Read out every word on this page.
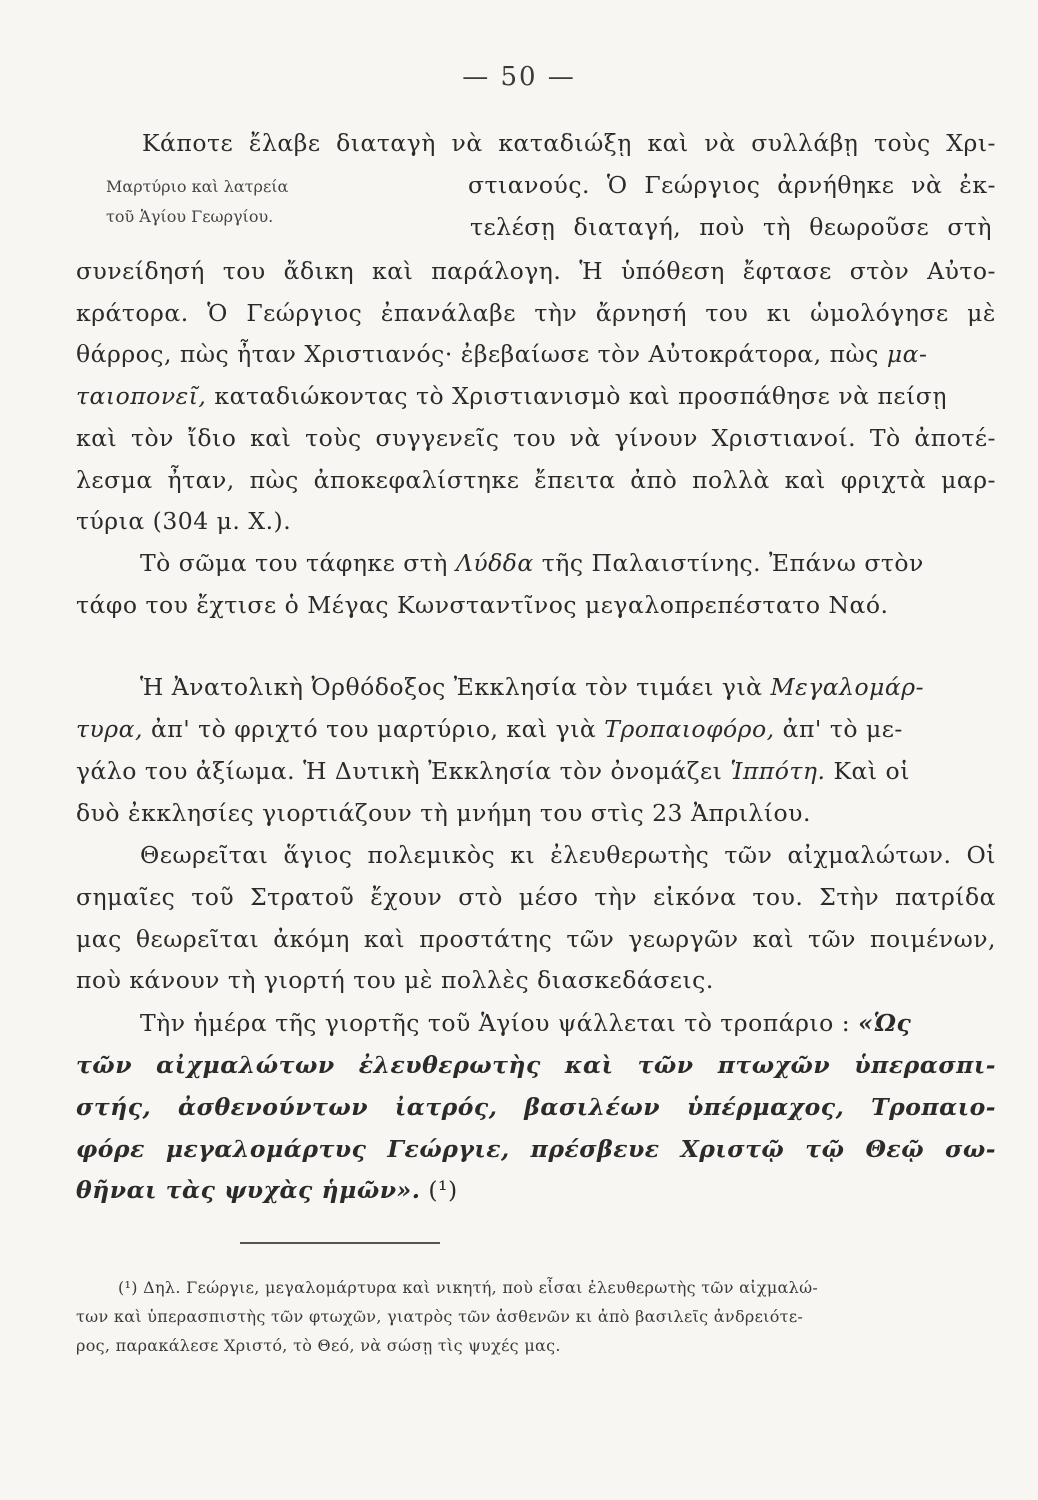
— 50 —
Κάποτε ἔλαβε διαταγὴ νὰ καταδιώξῃ καὶ νὰ συλλάβῃ τοὺς Χρι-
Μαρτύριο καὶ λατρεία
τοῦ Ἁγίου Γεωργίου.
στιανούς. Ὁ Γεώργιος ἀρνήθηκε νὰ ἐκ-
τελέσῃ διαταγή, ποὺ τὴ θεωροῦσε στὴ
συνείδησή του ἄδικη καὶ παράλογη. Ἡ ὑπόθεση ἔφτασε στὸν Αὐτο-
κράτορα. Ὁ Γεώργιος ἐπανάλαβε τὴν ἄρνησή του κι ὡμολόγησε μὲ
θάρρος, πὼς ἦταν Χριστιανός· ἐβεβαίωσε τὸν Αὐτοκράτορα, πὼς μα-
ταιοπονεῖ, καταδιώκοντας τὸ Χριστιανισμὸ καὶ προσπάθησε νὰ πείσῃ
καὶ τὸν ἴδιο καὶ τοὺς συγγενεῖς του νὰ γίνουν Χριστιανοί. Τὸ ἀποτέ-
λεσμα ἦταν, πὼς ἀποκεφαλίστηκε ἔπειτα ἀπὸ πολλὰ καὶ φριχτὰ μαρ-
τύρια (304 μ. Χ.).
Τὸ σῶμα του τάφηκε στὴ Λύδδα τῆς Παλαιστίνης. Ἐπάνω στὸν
τάφο του ἔχτισε ὁ Μέγας Κωνσταντῖνος μεγαλοπρεπέστατο Ναό.
Ἡ Ἀνατολικὴ Ὀρθόδοξος Ἐκκλησία τὸν τιμάει γιὰ Μεγαλομάρ-
τυρα, ἀπ' τὸ φριχτό του μαρτύριο, καὶ γιὰ Τροπαιοφόρο, ἀπ' τὸ με-
γάλο του ἀξίωμα. Ἡ Δυτικὴ Ἐκκλησία τὸν ὀνομάζει Ἱππότη. Καὶ οἱ
δυὸ ἐκκλησίες γιορτιάζουν τὴ μνήμη του στὶς 23 Ἀπριλίου.
Θεωρεῖται ἅγιος πολεμικὸς κι ἐλευθερωτὴς τῶν αἰχμαλώτων. Οἱ
σημαῖες τοῦ Στρατοῦ ἔχουν στὸ μέσο τὴν εἰκόνα του. Στὴν πατρίδα
μας θεωρεῖται ἀκόμη καὶ προστάτης τῶν γεωργῶν καὶ τῶν ποιμένων,
ποὺ κάνουν τὴ γιορτή του μὲ πολλὲς διασκεδάσεις.
Τὴν ἡμέρα τῆς γιορτῆς τοῦ Ἁγίου ψάλλεται τὸ τροπάριο : «Ὡς
τῶν αἰχμαλώτων ἐλευθερωτὴς καὶ τῶν πτωχῶν ὑπερασπι-
στής, ἀσθενούντων ἰατρός, βασιλέων ὑπέρμαχος, Τροπαιο-
φόρε μεγαλομάρτυς Γεώργιε, πρέσβευε Χριστῷ τῷ Θεῷ σω-
θῆναι τὰς ψυχὰς ἡμῶν». (¹)
(¹) Δηλ. Γεώργιε, μεγαλομάρτυρα καὶ νικητή, ποὺ εἶσαι ἐλευθερωτὴς τῶν αἰχμαλώ-
των καὶ ὑπερασπιστὴς τῶν φτωχῶν, γιατρὸς τῶν ἀσθενῶν κι ἀπὸ βασιλεῖς ἀνδρειότε-
ρος, παρακάλεσε Χριστό, τὸ Θεό, νὰ σώσῃ τὶς ψυχές μας.
